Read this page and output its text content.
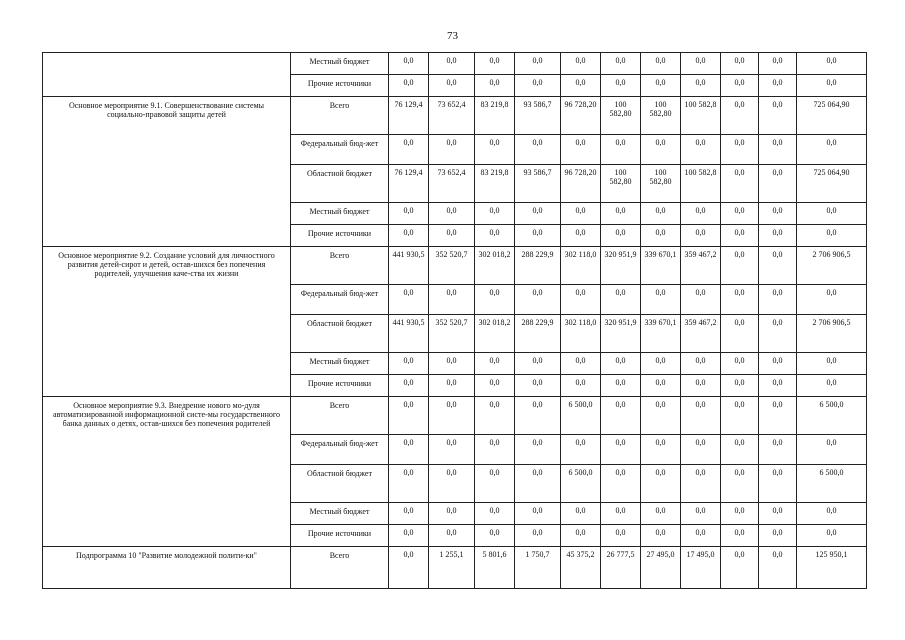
73
	Местный бюджет	0,0	0,0	0,0	0,0	0,0	0,0	0,0	0,0	0,0	0,0	0,0
	Прочие источники	0,0	0,0	0,0	0,0	0,0	0,0	0,0	0,0	0,0	0,0	0,0
Основное мероприятие 9.1. Совершенствование системы социально-правовой защиты детей	Всего	76 129,4	73 652,4	83 219,8	93 586,7	96 728,20	100 582,80	100 582,80	100 582,8	0,0	0,0	725 064,90
	Федеральный бюд-жет	0,0	0,0	0,0	0,0	0,0	0,0	0,0	0,0	0,0	0,0	0,0
	Областной бюджет	76 129,4	73 652,4	83 219,8	93 586,7	96 728,20	100 582,80	100 582,80	100 582,8	0,0	0,0	725 064,90
	Местный бюджет	0,0	0,0	0,0	0,0	0,0	0,0	0,0	0,0	0,0	0,0	0,0
	Прочие источники	0,0	0,0	0,0	0,0	0,0	0,0	0,0	0,0	0,0	0,0	0,0
Основное мероприятие 9.2. Создание условий для личностного развития детей-сирот и детей, остав-шихся без попечения родителей, улучшения каче-ства их жизни	Всего	441 930,5	352 520,7	302 018,2	288 229,9	302 118,0	320 951,9	339 670,1	359 467,2	0,0	0,0	2 706 906,5
	Федеральный бюд-жет	0,0	0,0	0,0	0,0	0,0	0,0	0,0	0,0	0,0	0,0	0,0
	Областной бюджет	441 930,5	352 520,7	302 018,2	288 229,9	302 118,0	320 951,9	339 670,1	359 467,2	0,0	0,0	2 706 906,5
	Местный бюджет	0,0	0,0	0,0	0,0	0,0	0,0	0,0	0,0	0,0	0,0	0,0
	Прочие источники	0,0	0,0	0,0	0,0	0,0	0,0	0,0	0,0	0,0	0,0	0,0
Основное мероприятие 9.3. Внедрение нового мо-дуля автоматизированной информационной систе-мы государственного банка данных о детях, остав-шихся без попечения родителей	Всего	0,0	0,0	0,0	0,0	6 500,0	0,0	0,0	0,0	0,0	0,0	6 500,0
	Федеральный бюд-жет	0,0	0,0	0,0	0,0	0,0	0,0	0,0	0,0	0,0	0,0	0,0
	Областной бюджет	0,0	0,0	0,0	0,0	6 500,0	0,0	0,0	0,0	0,0	0,0	6 500,0
	Местный бюджет	0,0	0,0	0,0	0,0	0,0	0,0	0,0	0,0	0,0	0,0	0,0
	Прочие источники	0,0	0,0	0,0	0,0	0,0	0,0	0,0	0,0	0,0	0,0	0,0
Подпрограмма 10 "Развитие молодежной полити-ки"	Всего	0,0	1 255,1	5 801,6	1 750,7	45 375,2	26 777,5	27 495,0	17 495,0	0,0	0,0	125 950,1
